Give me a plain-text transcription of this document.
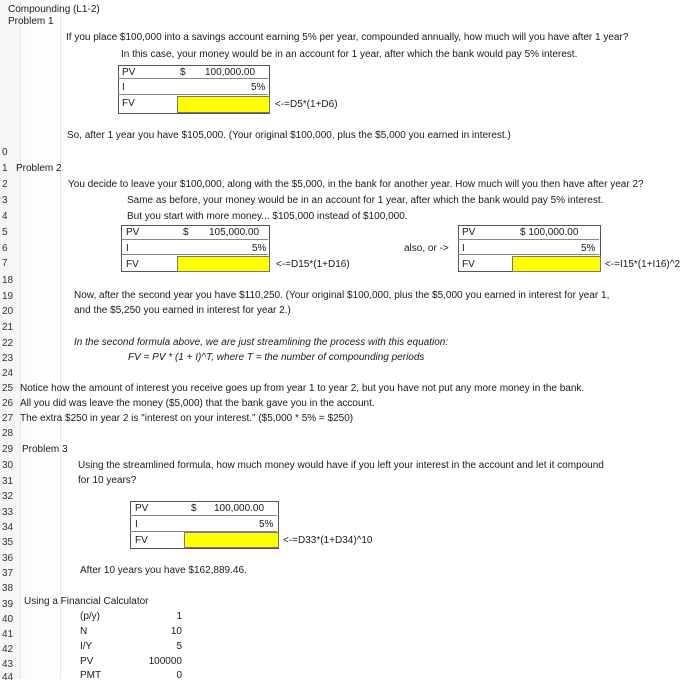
Compounding (L1-2)
Problem 1
If you place $100,000 into a savings account earning 5% per year, compounded annually, how much will you have after 1 year?
In this case, your money would be in an account for 1 year, after which the bank would pay 5% interest.
PV	$ 100,000.00
I	5%
FV	<-=D5*(1+D6)
So, after 1 year you have $105,000. (Your original $100,000, plus the $5,000 you earned in interest.)
0
1
2
3
4
5
6
7
18
19
20
21
22
23
24
25
26
27
28
29
30
31
32
33
34
35
36
37
38
39
40
41
42
43
44
Problem 2
You decide to leave your $100,000, along with the $5,000, in the bank for another year. How much will you then have after year 2?
Same as before, your money would be in an account for 1 year, after which the bank would pay 5% interest.
But you start with more money... $105,000 instead of $100,000.
PV	$ 105,000.00
I	5%
FV	<-=D15*(1+D16)
also, or ->
PV	$ 100,000.00
I	5%
FV	<-=I15*(1+I16)^2
Now, after the second year you have $110,250. (Your original $100,000, plus the $5,000 you earned in interest for year 1,
and the $5,250 you earned in interest for year 2.)
In the second formula above, we are just streamlining the process with this equation:
FV = PV * (1 + I)^T, where T = the number of compounding periods
Notice how the amount of interest you receive goes up from year 1 to year 2, but you have not put any more money in the bank.
All you did was leave the money ($5,000) that the bank gave you in the account.
The extra $250 in year 2 is "interest on your interest." ($5,000 * 5% = $250)
Problem 3
Using the streamlined formula, how much money would have if you left your interest in the account and let it compound
for 10 years?
PV	$ 100,000.00
I	5%
FV	<-=D33*(1+D34)^10
After 10 years you have $162,889.46.
Using a Financial Calculator
(p/y)	1
N	10
I/Y	5
PV	100000
PMT	0
